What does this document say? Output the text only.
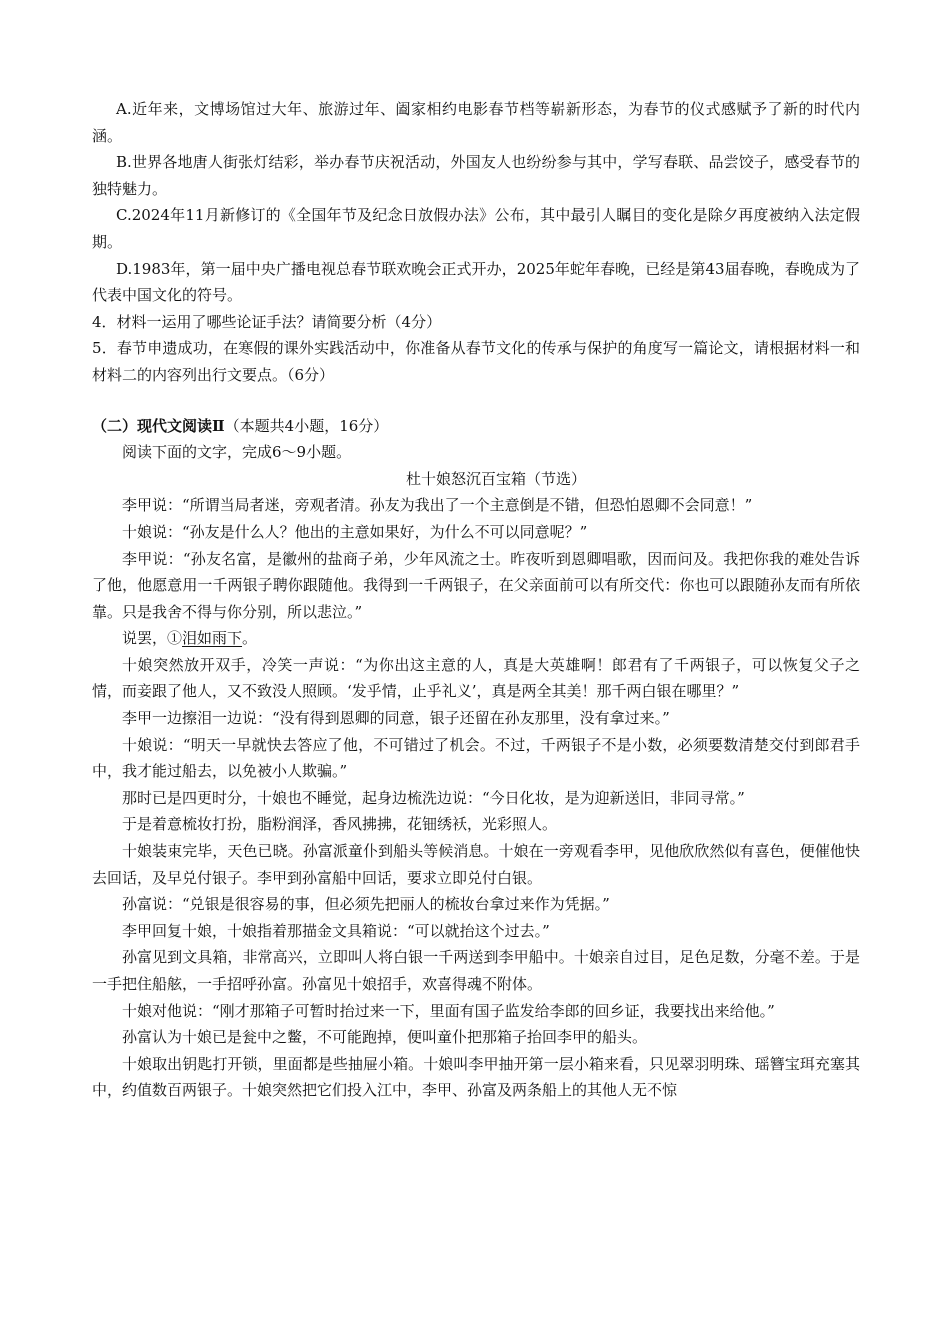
A.近年来，文博场馆过大年、旅游过年、阖家相约电影春节档等崭新形态，为春节的仪式感赋予了新的时代内涵。

B.世界各地唐人街张灯结彩，举办春节庆祝活动，外国友人也纷纷参与其中，学写春联、品尝饺子，感受春节的独特魅力。

C.2024年11月新修订的《全国年节及纪念日放假办法》公布，其中最引人瞩目的变化是除夕再度被纳入法定假期。

D.1983年，第一届中央广播电视总春节联欢晚会正式开办，2025年蛇年春晚，已经是第43届春晚，春晚成为了代表中国文化的符号。

4．材料一运用了哪些论证手法？请简要分析（4分）

5．春节申遗成功，在寒假的课外实践活动中，你准备从春节文化的传承与保护的角度写一篇论文，请根据材料一和材料二的内容列出行文要点。（6分）

（二）现代文阅读Ⅱ（本题共4小题，16分）

阅读下面的文字，完成6～9小题。

杜十娘怒沉百宝箱（节选）

李甲说：“所谓当局者迷，旁观者清。孙友为我出了一个主意倒是不错，但恐怕恩卿不会同意！”

十娘说：“孙友是什么人？他出的主意如果好，为什么不可以同意呢？”

李甲说：“孙友名富，是徽州的盐商子弟，少年风流之士。昨夜听到恩卿唱歌，因而问及。我把你我的难处告诉了他，他愿意用一千两银子聘你跟随他。我得到一千两银子，在父亲面前可以有所交代：你也可以跟随孙友而有所依靠。只是我舍不得与你分别，所以悲泣。”

说罢，①泪如雨下。

十娘突然放开双手，冷笑一声说：“为你出这主意的人，真是大英雄啊！郎君有了千两银子，可以恢复父子之情，而妾跟了他人，又不致没人照顾。‘发乎情，止乎礼义’，真是两全其美！那千两白银在哪里？”

李甲一边擦泪一边说：“没有得到恩卿的同意，银子还留在孙友那里，没有拿过来。”

十娘说：“明天一早就快去答应了他，不可错过了机会。不过，千两银子不是小数，必须要数清楚交付到郎君手中，我才能过船去，以免被小人欺骗。”

那时已是四更时分，十娘也不睡觉，起身边梳洗边说：“今日化妆，是为迎新送旧，非同寻常。”

于是着意梳妆打扮，脂粉润泽，香风拂拂，花钿绣袄，光彩照人。

十娘装束完毕，天色已晓。孙富派童仆到船头等候消息。十娘在一旁观看李甲，见他欣欣然似有喜色，便催他快去回话，及早兑付银子。李甲到孙富船中回话，要求立即兑付白银。

孙富说：“兑银是很容易的事，但必须先把丽人的梳妆台拿过来作为凭据。”

李甲回复十娘，十娘指着那描金文具箱说：“可以就抬这个过去。”

孙富见到文具箱，非常高兴，立即叫人将白银一千两送到李甲船中。十娘亲自过目，足色足数，分毫不差。于是一手把住船舷，一手招呼孙富。孙富见十娘招手，欢喜得魂不附体。

十娘对他说：“刚才那箱子可暂时抬过来一下，里面有国子监发给李郎的回乡证，我要找出来给他。”

孙富认为十娘已是瓮中之鳖，不可能跑掉，便叫童仆把那箱子抬回李甲的船头。

十娘取出钥匙打开锁，里面都是些抽屉小箱。十娘叫李甲抽开第一层小箱来看，只见翠羽明珠、瑶簪宝珥充塞其中，约值数百两银子。十娘突然把它们投入江中，李甲、孙富及两条船上的其他人无不惊
